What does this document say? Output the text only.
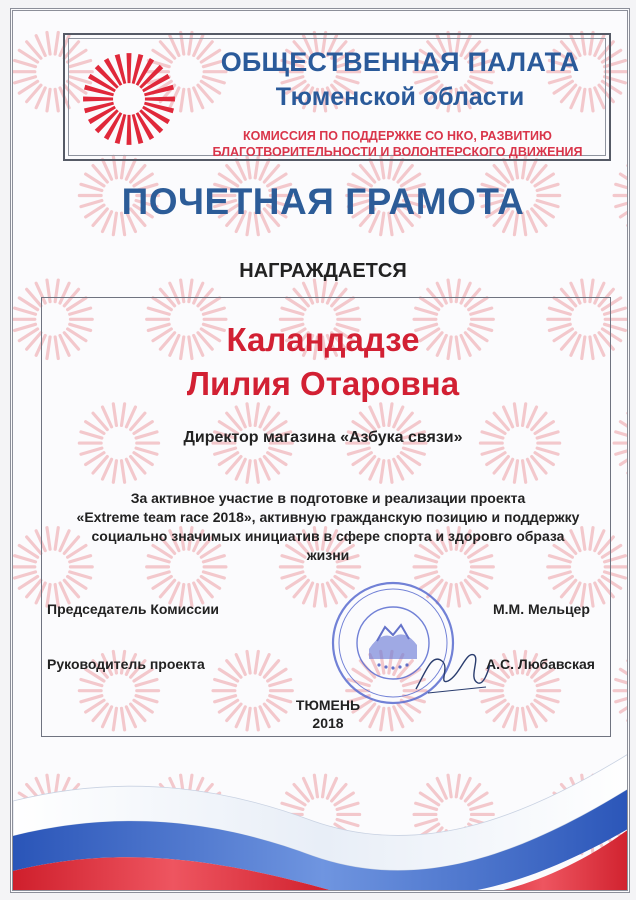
ОБЩЕСТВЕННАЯ ПАЛАТА
Тюменской области
КОМИССИЯ ПО ПОДДЕРЖКЕ СО НКО, РАЗВИТИЮ
БЛАГОТВОРИТЕЛЬНОСТИ И ВОЛОНТЕРСКОГО ДВИЖЕНИЯ
ПОЧЕТНАЯ ГРАМОТА
НАГРАЖДАЕТСЯ
Каландадзе
Лилия Отаровна
Директор магазина «Азбука связи»
За активное участие в подготовке и реализации проекта
«Extreme team race 2018», активную гражданскую позицию и поддержку
социально значимых инициатив в сфере спорта и здоровго образа
жизни
Председатель Комиссии	М.М. Мельцер
Руководитель проекта	А.С. Любавская
ТЮМЕНЬ
2018
